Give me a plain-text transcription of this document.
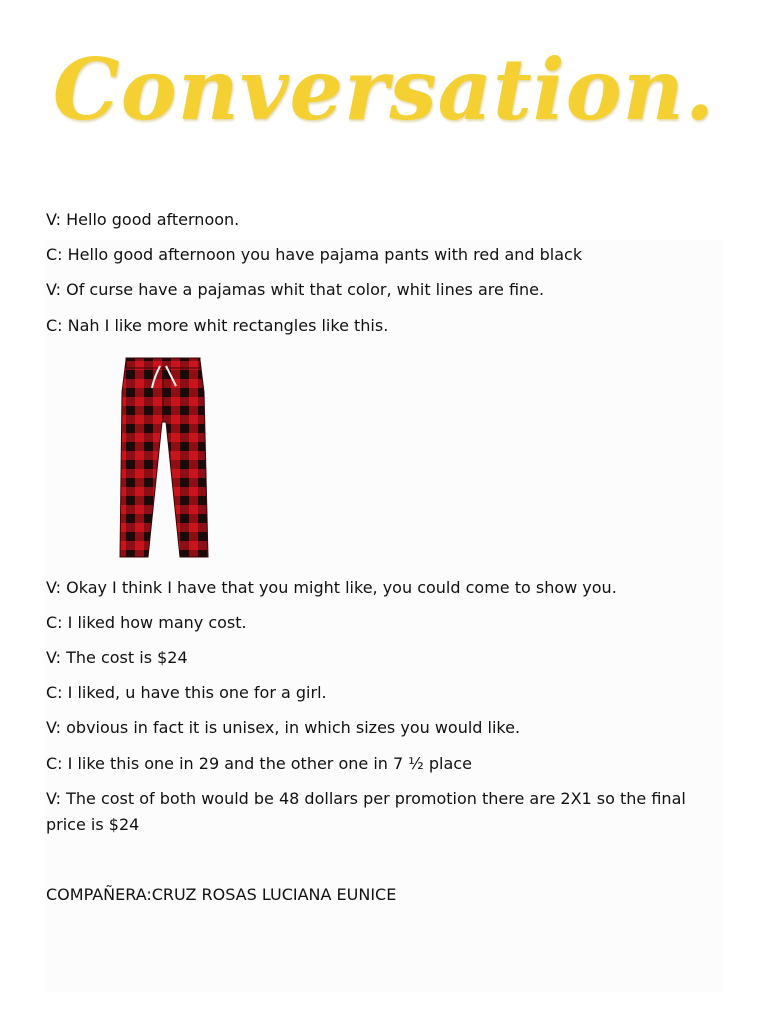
Conversation.
V: Hello good afternoon.
C: Hello good afternoon you have pajama pants with red and black
V: Of curse have a pajamas whit that color, whit lines are fine.
C: Nah I like more whit rectangles like this.
V: Okay I think I have that you might like, you could come to show you.
C: I liked how many cost.
V: The cost is $24
C: I liked, u have this one for a girl.
V: obvious in fact it is unisex, in which sizes you would like.
C: I like this one in 29 and the other one in 7 ½ place
V: The cost of both would be 48 dollars per promotion there are 2X1 so the final price is $24
COMPAÑERA:CRUZ ROSAS LUCIANA EUNICE
